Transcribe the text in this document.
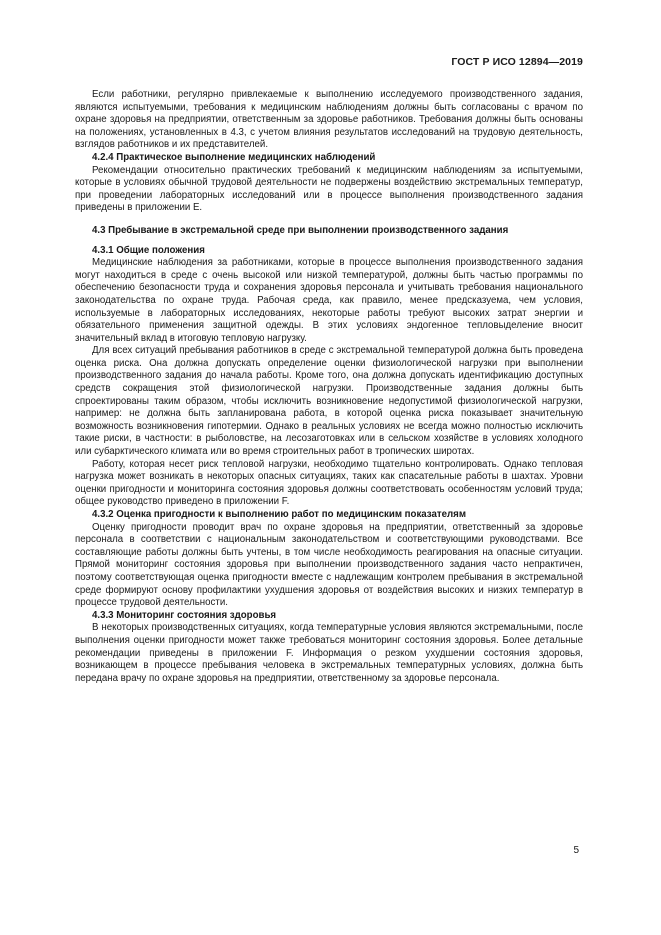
ГОСТ Р ИСО 12894—2019

Если работники, регулярно привлекаемые к выполнению исследуемого производственного задания, являются испытуемыми, требования к медицинским наблюдениям должны быть согласованы с врачом по охране здоровья на предприятии, ответственным за здоровье работников. Требования должны быть основаны на положениях, установленных в 4.3, с учетом влияния результатов исследований на трудовую деятельность, взглядов работников и их представителей.

4.2.4 Практическое выполнение медицинских наблюдений

Рекомендации относительно практических требований к медицинским наблюдениям за испытуемыми, которые в условиях обычной трудовой деятельности не подвержены воздействию экстремальных температур, при проведении лабораторных исследований или в процессе выполнения производственного задания приведены в приложении Е.

4.3 Пребывание в экстремальной среде при выполнении производственного задания

4.3.1 Общие положения

Медицинские наблюдения за работниками, которые в процессе выполнения производственного задания могут находиться в среде с очень высокой или низкой температурой, должны быть частью программы по обеспечению безопасности труда и сохранения здоровья персонала и учитывать требования национального законодательства по охране труда. Рабочая среда, как правило, менее предсказуема, чем условия, используемые в лабораторных исследованиях, некоторые работы требуют высоких затрат энергии и обязательного применения защитной одежды. В этих условиях эндогенное тепловыделение вносит значительный вклад в итоговую тепловую нагрузку.

Для всех ситуаций пребывания работников в среде с экстремальной температурой должна быть проведена оценка риска. Она должна допускать определение оценки физиологической нагрузки при выполнении производственного задания до начала работы. Кроме того, она должна допускать идентификацию доступных средств сокращения этой физиологической нагрузки. Производственные задания должны быть спроектированы таким образом, чтобы исключить возникновение недопустимой физиологической нагрузки, например: не должна быть запланирована работа, в которой оценка риска показывает значительную возможность возникновения гипотермии. Однако в реальных условиях не всегда можно полностью исключить такие риски, в частности: в рыболовстве, на лесозаготовках или в сельском хозяйстве в условиях холодного или субарктического климата или во время строительных работ в тропических широтах.

Работу, которая несет риск тепловой нагрузки, необходимо тщательно контролировать. Однако тепловая нагрузка может возникать в некоторых опасных ситуациях, таких как спасательные работы в шахтах. Уровни оценки пригодности и мониторинга состояния здоровья должны соответствовать особенностям условий труда; общее руководство приведено в приложении F.

4.3.2 Оценка пригодности к выполнению работ по медицинским показателям

Оценку пригодности проводит врач по охране здоровья на предприятии, ответственный за здоровье персонала в соответствии с национальным законодательством и соответствующими руководствами. Все составляющие работы должны быть учтены, в том числе необходимость реагирования на опасные ситуации. Прямой мониторинг состояния здоровья при выполнении производственного задания часто непрактичен, поэтому соответствующая оценка пригодности вместе с надлежащим контролем пребывания в экстремальной среде формируют основу профилактики ухудшения здоровья от воздействия высоких и низких температур в процессе трудовой деятельности.

4.3.3 Мониторинг состояния здоровья

В некоторых производственных ситуациях, когда температурные условия являются экстремальными, после выполнения оценки пригодности может также требоваться мониторинг состояния здоровья. Более детальные рекомендации приведены в приложении F. Информация о резком ухудшении состояния здоровья, возникающем в процессе пребывания человека в экстремальных температурных условиях, должна быть передана врачу по охране здоровья на предприятии, ответственному за здоровье персонала.

5
